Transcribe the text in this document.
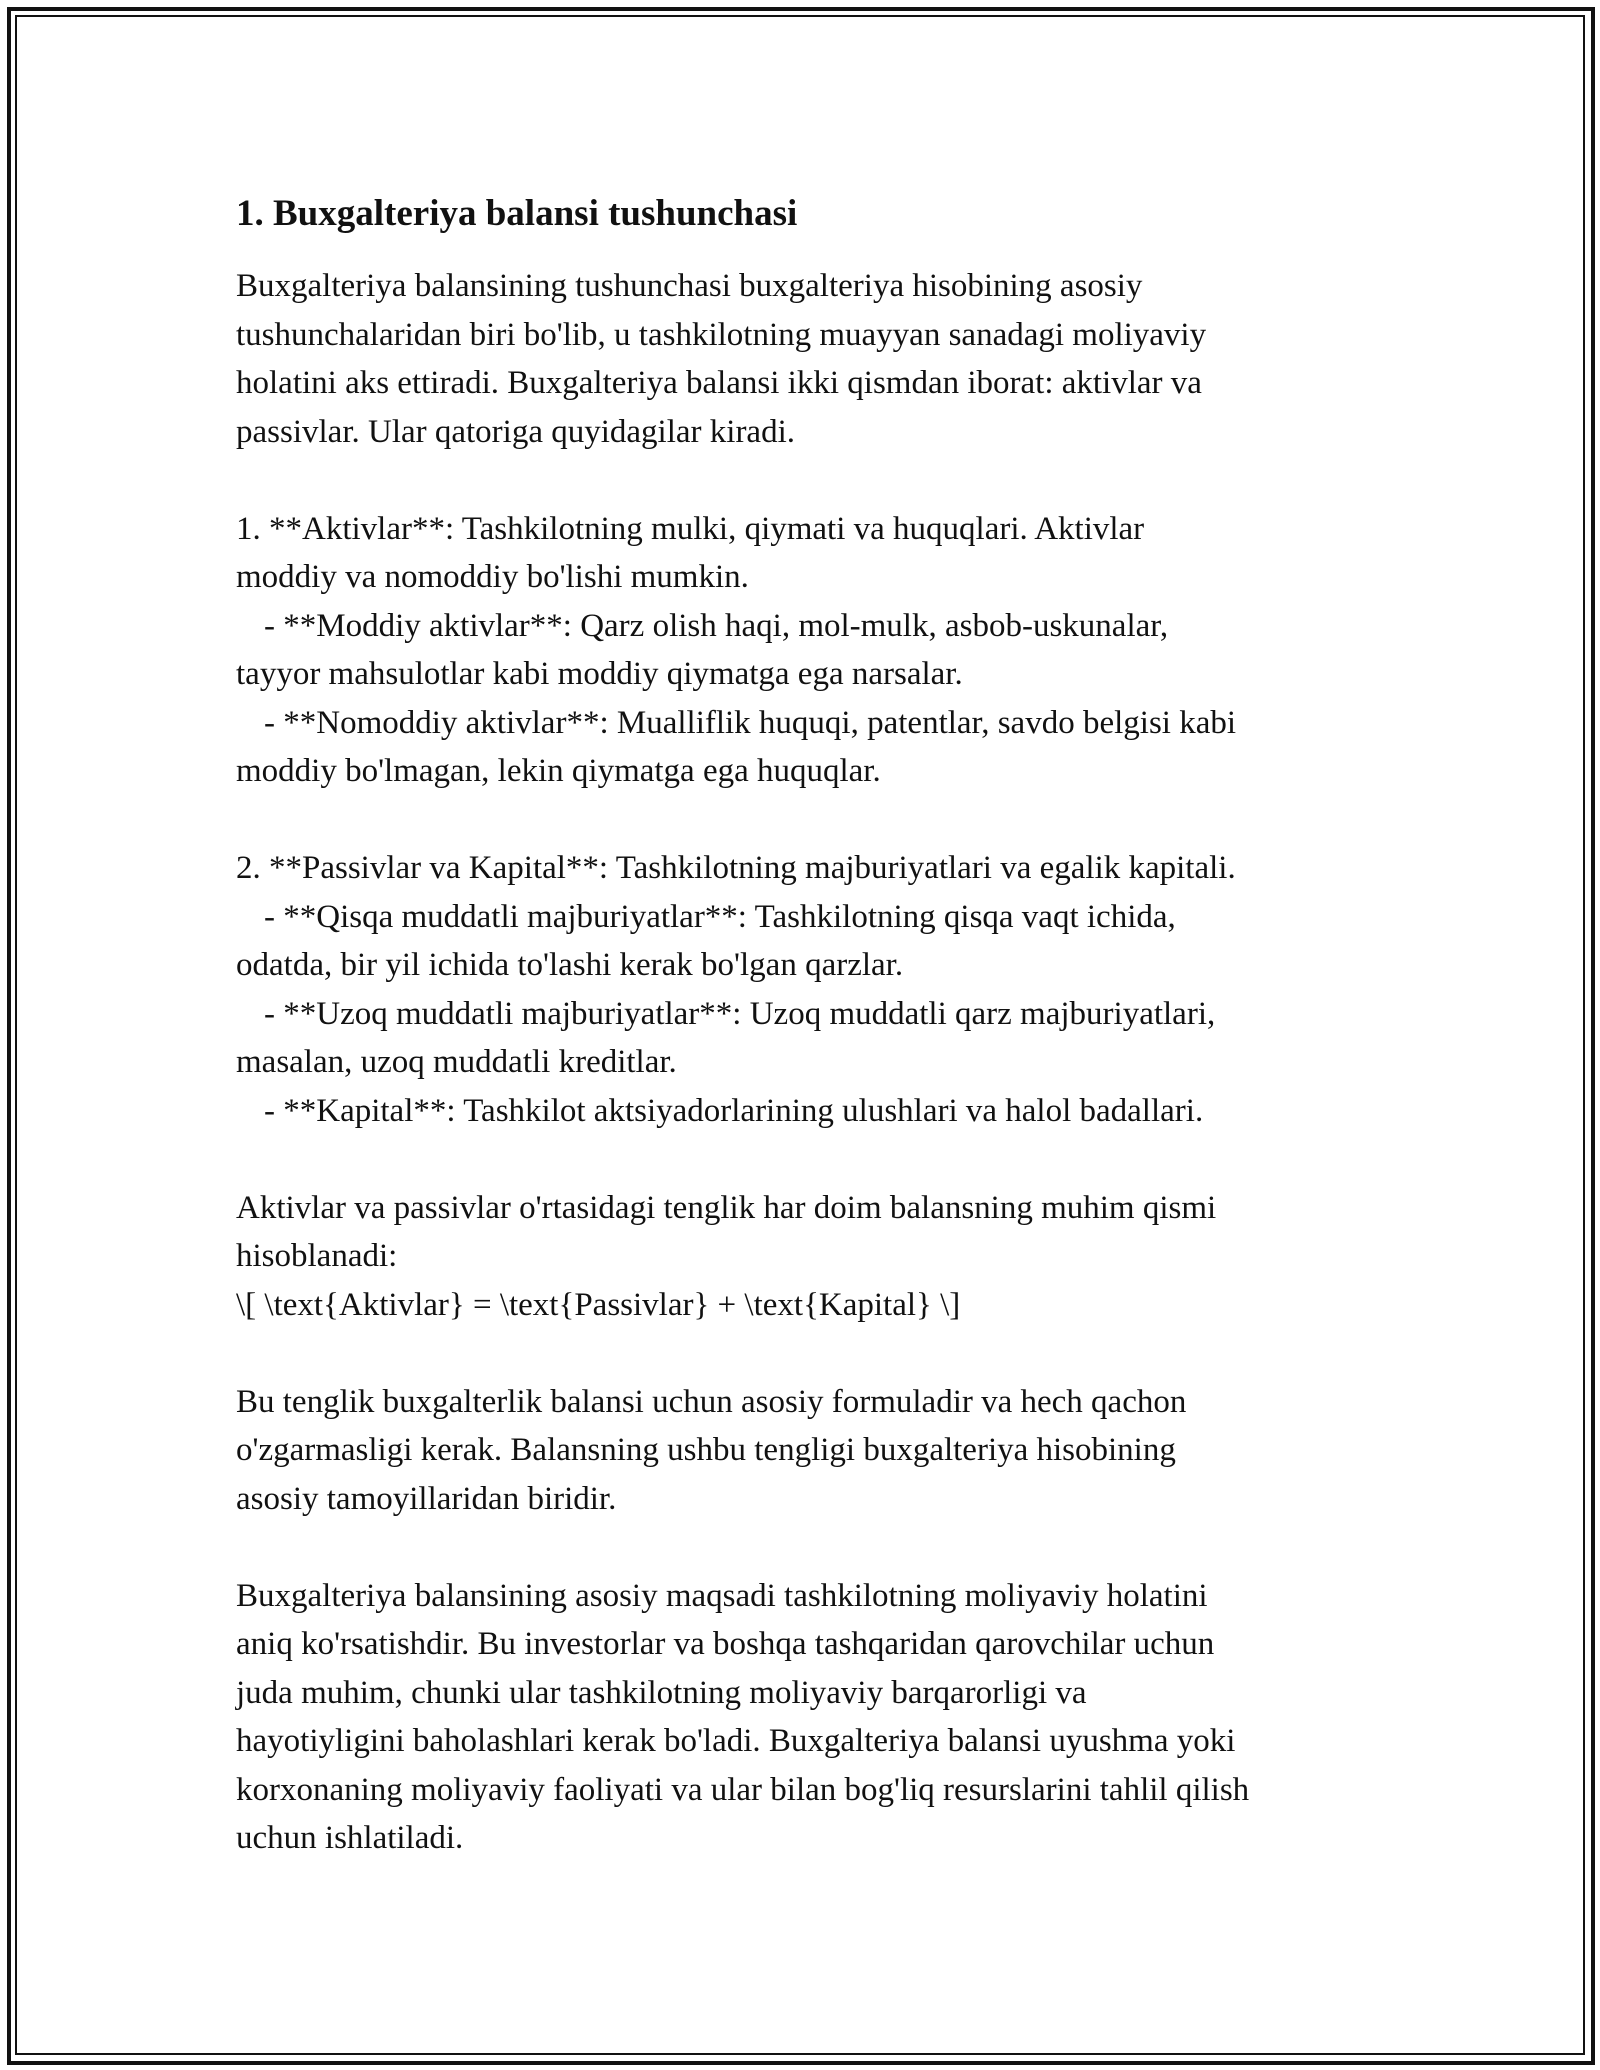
1. Buxgalteriya balansi tushunchasi
Buxgalteriya balansining tushunchasi buxgalteriya hisobining asosiy
tushunchalaridan biri bo'lib, u tashkilotning muayyan sanadagi moliyaviy
holatini aks ettiradi. Buxgalteriya balansi ikki qismdan iborat: aktivlar va
passivlar. Ular qatoriga quyidagilar kiradi.
1. **Aktivlar**: Tashkilotning mulki, qiymati va huquqlari. Aktivlar
moddiy va nomoddiy bo'lishi mumkin.
- **Moddiy aktivlar**: Qarz olish haqi, mol-mulk, asbob-uskunalar,
tayyor mahsulotlar kabi moddiy qiymatga ega narsalar.
- **Nomoddiy aktivlar**: Mualliflik huquqi, patentlar, savdo belgisi kabi
moddiy bo'lmagan, lekin qiymatga ega huquqlar.
2. **Passivlar va Kapital**: Tashkilotning majburiyatlari va egalik kapitali.
- **Qisqa muddatli majburiyatlar**: Tashkilotning qisqa vaqt ichida,
odatda, bir yil ichida to'lashi kerak bo'lgan qarzlar.
- **Uzoq muddatli majburiyatlar**: Uzoq muddatli qarz majburiyatlari,
masalan, uzoq muddatli kreditlar.
- **Kapital**: Tashkilot aktsiyadorlarining ulushlari va halol badallari.
Aktivlar va passivlar o'rtasidagi tenglik har doim balansning muhim qismi
hisoblanadi:
\[ \text{Aktivlar} = \text{Passivlar} + \text{Kapital} \]
Bu tenglik buxgalterlik balansi uchun asosiy formuladir va hech qachon
o'zgarmasligi kerak. Balansning ushbu tengligi buxgalteriya hisobining
asosiy tamoyillaridan biridir.
Buxgalteriya balansining asosiy maqsadi tashkilotning moliyaviy holatini
aniq ko'rsatishdir. Bu investorlar va boshqa tashqaridan qarovchilar uchun
juda muhim, chunki ular tashkilotning moliyaviy barqarorligi va
hayotiyligini baholashlari kerak bo'ladi. Buxgalteriya balansi uyushma yoki
korxonaning moliyaviy faoliyati va ular bilan bog'liq resurslarini tahlil qilish
uchun ishlatiladi.
